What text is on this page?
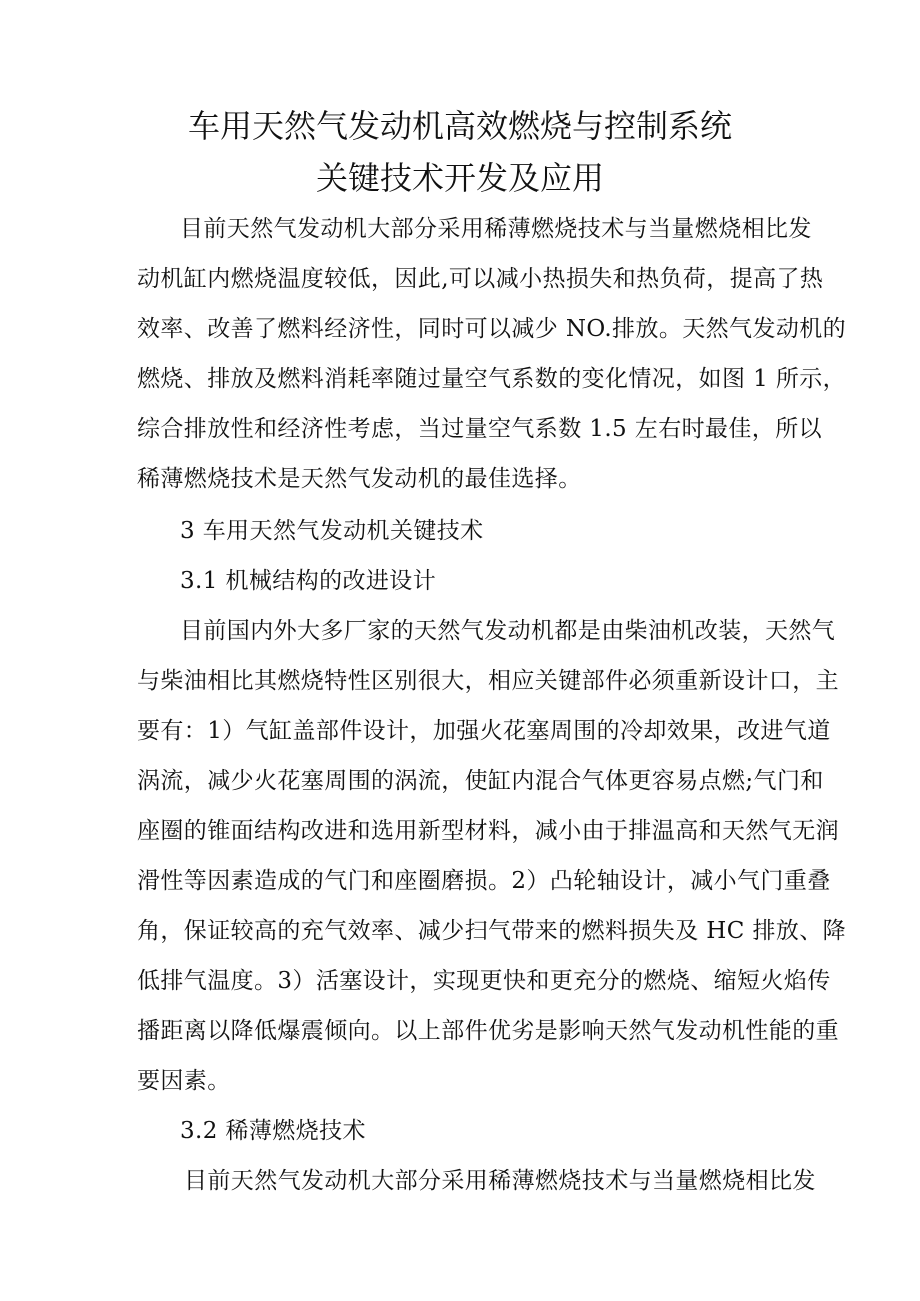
车用天然气发动机高效燃烧与控制系统
关键技术开发及应用
目前天然气发动机大部分采用稀薄燃烧技术与当量燃烧相比发
动机缸内燃烧温度较低，因此,可以减小热损失和热负荷，提高了热
效率、改善了燃料经济性，同时可以减少 NO.排放。天然气发动机的
燃烧、排放及燃料消耗率随过量空气系数的变化情况，如图 1 所示，
综合排放性和经济性考虑，当过量空气系数 1.5 左右时最佳，所以
稀薄燃烧技术是天然气发动机的最佳选择。
3 车用天然气发动机关键技术
3.1 机械结构的改进设计
目前国内外大多厂家的天然气发动机都是由柴油机改装，天然气
与柴油相比其燃烧特性区别很大，相应关键部件必须重新设计口，主
要有：1）气缸盖部件设计，加强火花塞周围的冷却效果，改进气道
涡流，减少火花塞周围的涡流，使缸内混合气体更容易点燃;气门和
座圈的锥面结构改进和选用新型材料，减小由于排温高和天然气无润
滑性等因素造成的气门和座圈磨损。2）凸轮轴设计，减小气门重叠
角，保证较高的充气效率、减少扫气带来的燃料损失及 HC 排放、降
低排气温度。3）活塞设计，实现更快和更充分的燃烧、缩短火焰传
播距离以降低爆震倾向。以上部件优劣是影响天然气发动机性能的重
要因素。
3.2 稀薄燃烧技术
目前天然气发动机大部分采用稀薄燃烧技术与当量燃烧相比发
